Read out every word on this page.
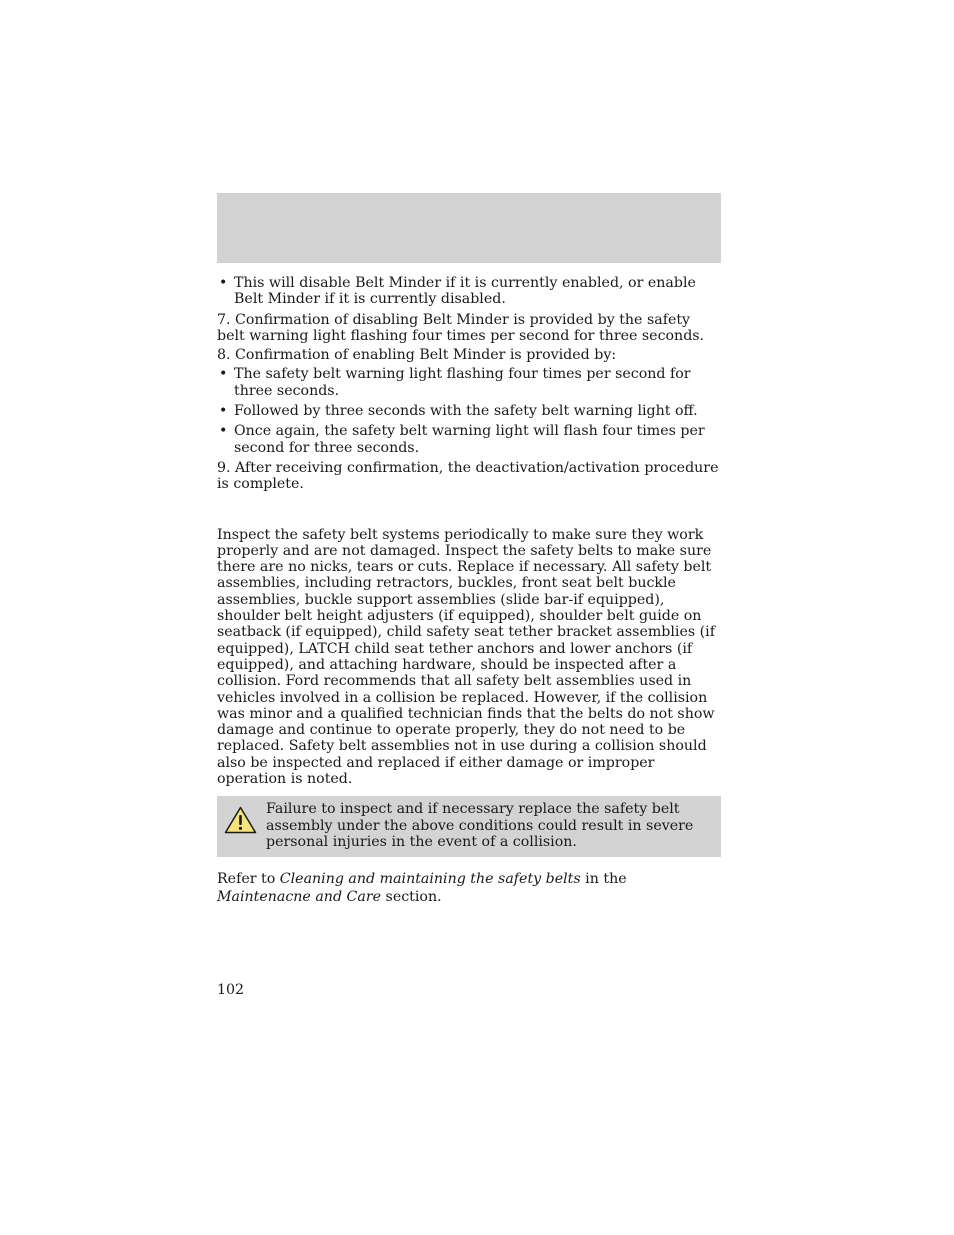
• This will disable Belt Minder if it is currently enabled, or enable Belt Minder if it is currently disabled.

7. Confirmation of disabling Belt Minder is provided by the safety belt warning light flashing four times per second for three seconds.

8. Confirmation of enabling Belt Minder is provided by:

• The safety belt warning light flashing four times per second for three seconds.
• Followed by three seconds with the safety belt warning light off.
• Once again, the safety belt warning light will flash four times per second for three seconds.

9. After receiving confirmation, the deactivation/activation procedure is complete.

Inspect the safety belt systems periodically to make sure they work properly and are not damaged. Inspect the safety belts to make sure there are no nicks, tears or cuts. Replace if necessary. All safety belt assemblies, including retractors, buckles, front seat belt buckle assemblies, buckle support assemblies (slide bar-if equipped), shoulder belt height adjusters (if equipped), shoulder belt guide on seatback (if equipped), child safety seat tether bracket assemblies (if equipped), LATCH child seat tether anchors and lower anchors (if equipped), and attaching hardware, should be inspected after a collision. Ford recommends that all safety belt assemblies used in vehicles involved in a collision be replaced. However, if the collision was minor and a qualified technician finds that the belts do not show damage and continue to operate properly, they do not need to be replaced. Safety belt assemblies not in use during a collision should also be inspected and replaced if either damage or improper operation is noted.

Failure to inspect and if necessary replace the safety belt assembly under the above conditions could result in severe personal injuries in the event of a collision.

Refer to Cleaning and maintaining the safety belts in the
Maintenacne and Care section.

102
